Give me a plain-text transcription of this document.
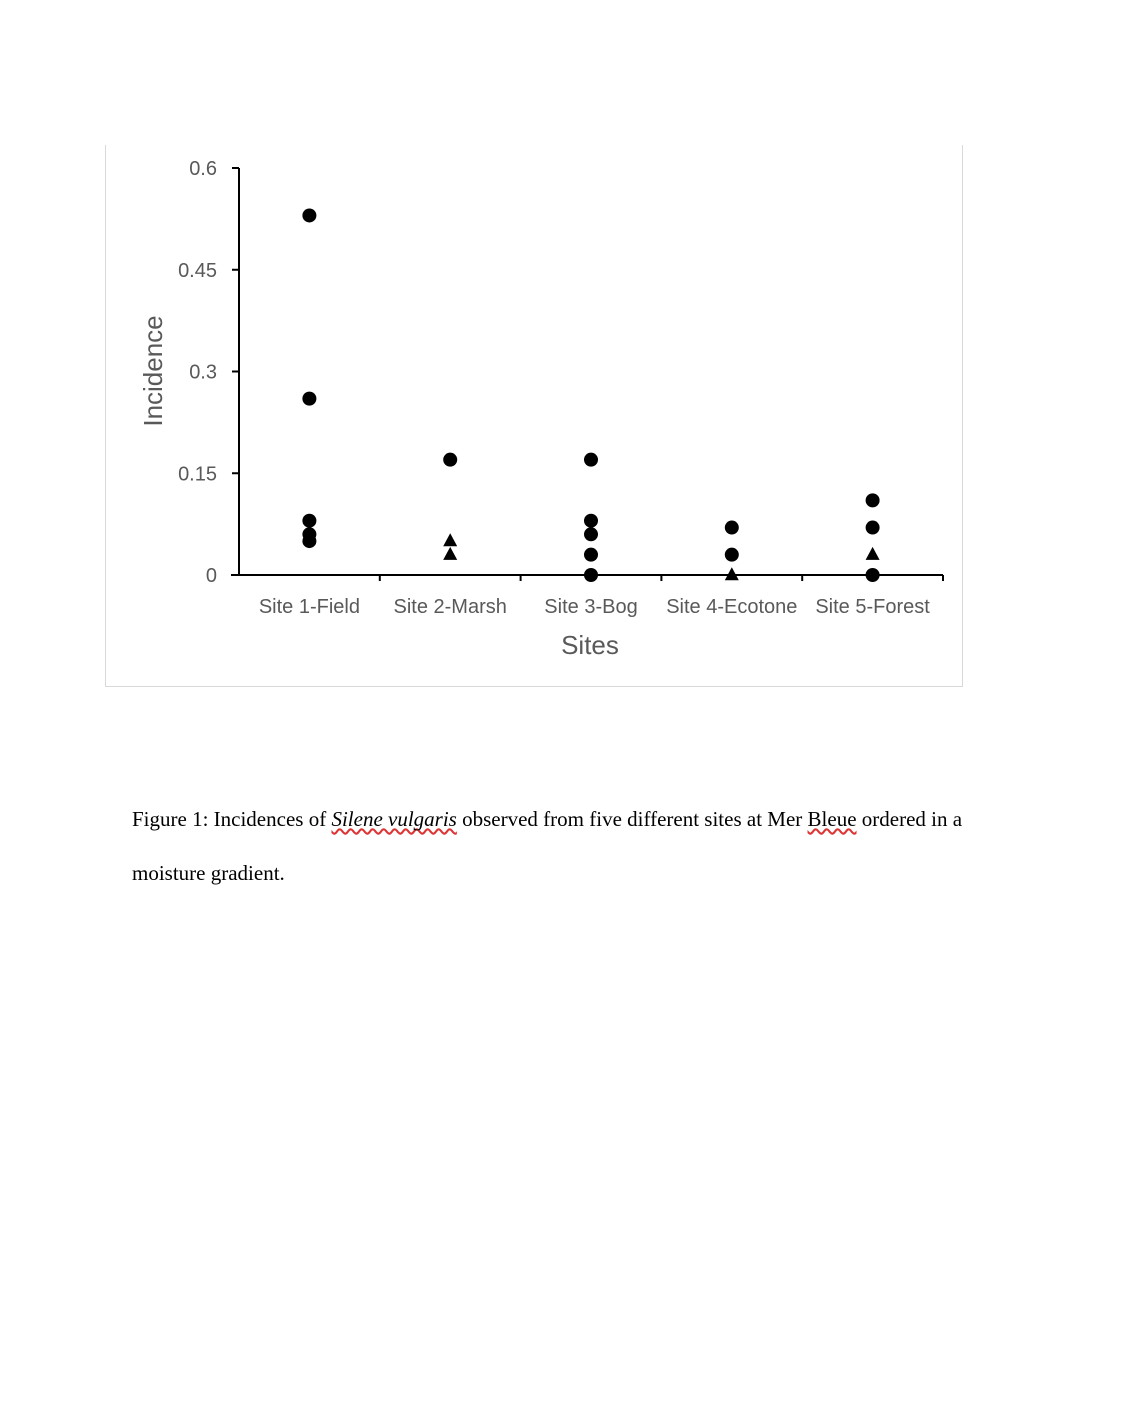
0
0.15
0.3
0.45
0.6
Site 1-Field Site 2-Marsh Site 3-Bog Site 4-Ecotone Site 5-Forest
Incidence
Sites
Figure 1: Incidences of Silene vulgaris observed from five different sites at Mer Bleue ordered in a moisture gradient.
